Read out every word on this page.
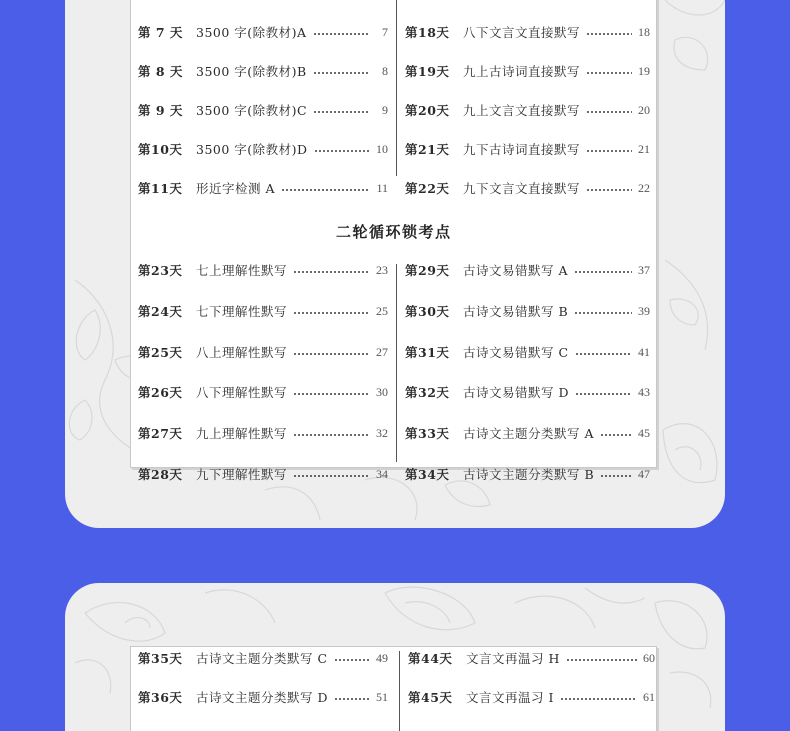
第 7 天	3500 字(除教材)A	7
第 8 天	3500 字(除教材)B	8
第 9 天	3500 字(除教材)C	9
第10天	3500 字(除教材)D	10
第11天	形近字检测 A	11
第18天	八下文言文直接默写	18
第19天	九上古诗词直接默写	19
第20天	九上文言文直接默写	20
第21天	九下古诗词直接默写	21
第22天	九下文言文直接默写	22
二轮循环锁考点
第23天	七上理解性默写	23
第24天	七下理解性默写	25
第25天	八上理解性默写	27
第26天	八下理解性默写	30
第27天	九上理解性默写	32
第28天	九下理解性默写	34
第29天	古诗文易错默写 A	37
第30天	古诗文易错默写 B	39
第31天	古诗文易错默写 C	41
第32天	古诗文易错默写 D	43
第33天	古诗文主题分类默写 A	45
第34天	古诗文主题分类默写 B	47
第35天	古诗文主题分类默写 C	49
第36天	古诗文主题分类默写 D	51
第44天	文言文再温习 H	60
第45天	文言文再温习 I	61
